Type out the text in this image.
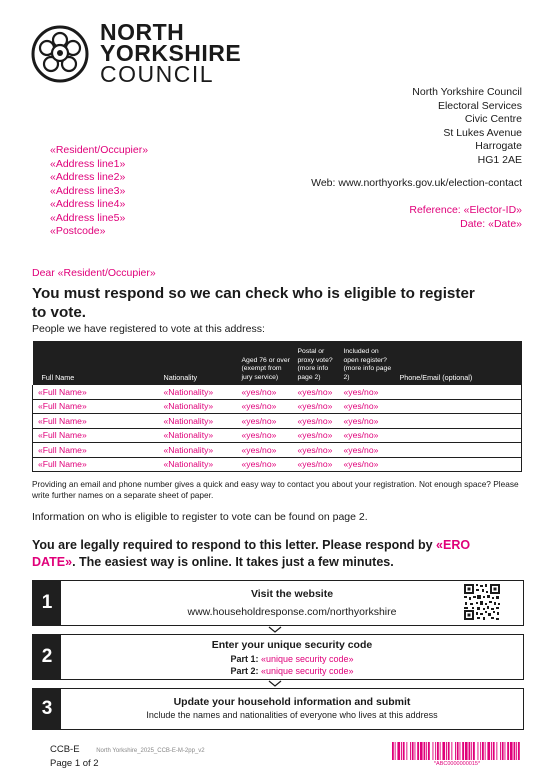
NORTH
YORKSHIRE
COUNCIL
North Yorkshire Council
Electoral Services
Civic Centre
St Lukes Avenue
Harrogate
HG1 2AE
Web: www.northyorks.gov.uk/election-contact
Reference: «Elector-ID»
Date: «Date»
«Resident/Occupier»
«Address line1»
«Address line2»
«Address line3»
«Address line4»
«Address line5»
«Postcode»
Dear «Resident/Occupier»
You must respond so we can check who is eligible to register to vote.
People we have registered to vote at this address:
Full Name	Nationality	Aged 76 or over (exempt from jury service)	Postal or proxy vote? (more info page 2)	Included on open register? (more info page 2)	Phone/Email (optional)
«Full Name»	«Nationality»	«yes/no»	«yes/no»	«yes/no»	
«Full Name»	«Nationality»	«yes/no»	«yes/no»	«yes/no»	
«Full Name»	«Nationality»	«yes/no»	«yes/no»	«yes/no»	
«Full Name»	«Nationality»	«yes/no»	«yes/no»	«yes/no»	
«Full Name»	«Nationality»	«yes/no»	«yes/no»	«yes/no»	
«Full Name»	«Nationality»	«yes/no»	«yes/no»	«yes/no»	
Providing an email and phone number gives a quick and easy way to contact you about your registration. Not enough space? Please write further names on a separate sheet of paper.
Information on who is eligible to register to vote can be found on page 2.
You are legally required to respond to this letter. Please respond by «ERO DATE». The easiest way is online. It takes just a few minutes.
1	Visit the website
www.householdresponse.com/northyorkshire
2
Enter your unique security code
Part 1: «unique security code»
Part 2: «unique security code»
3	Update your household information and submit
Include the names and nationalities of everyone who lives at this address
CCB-E	North Yorkshire_2025_CCB-E-M-2pp_v2
Page 1 of 2	*ABC0000000015*
